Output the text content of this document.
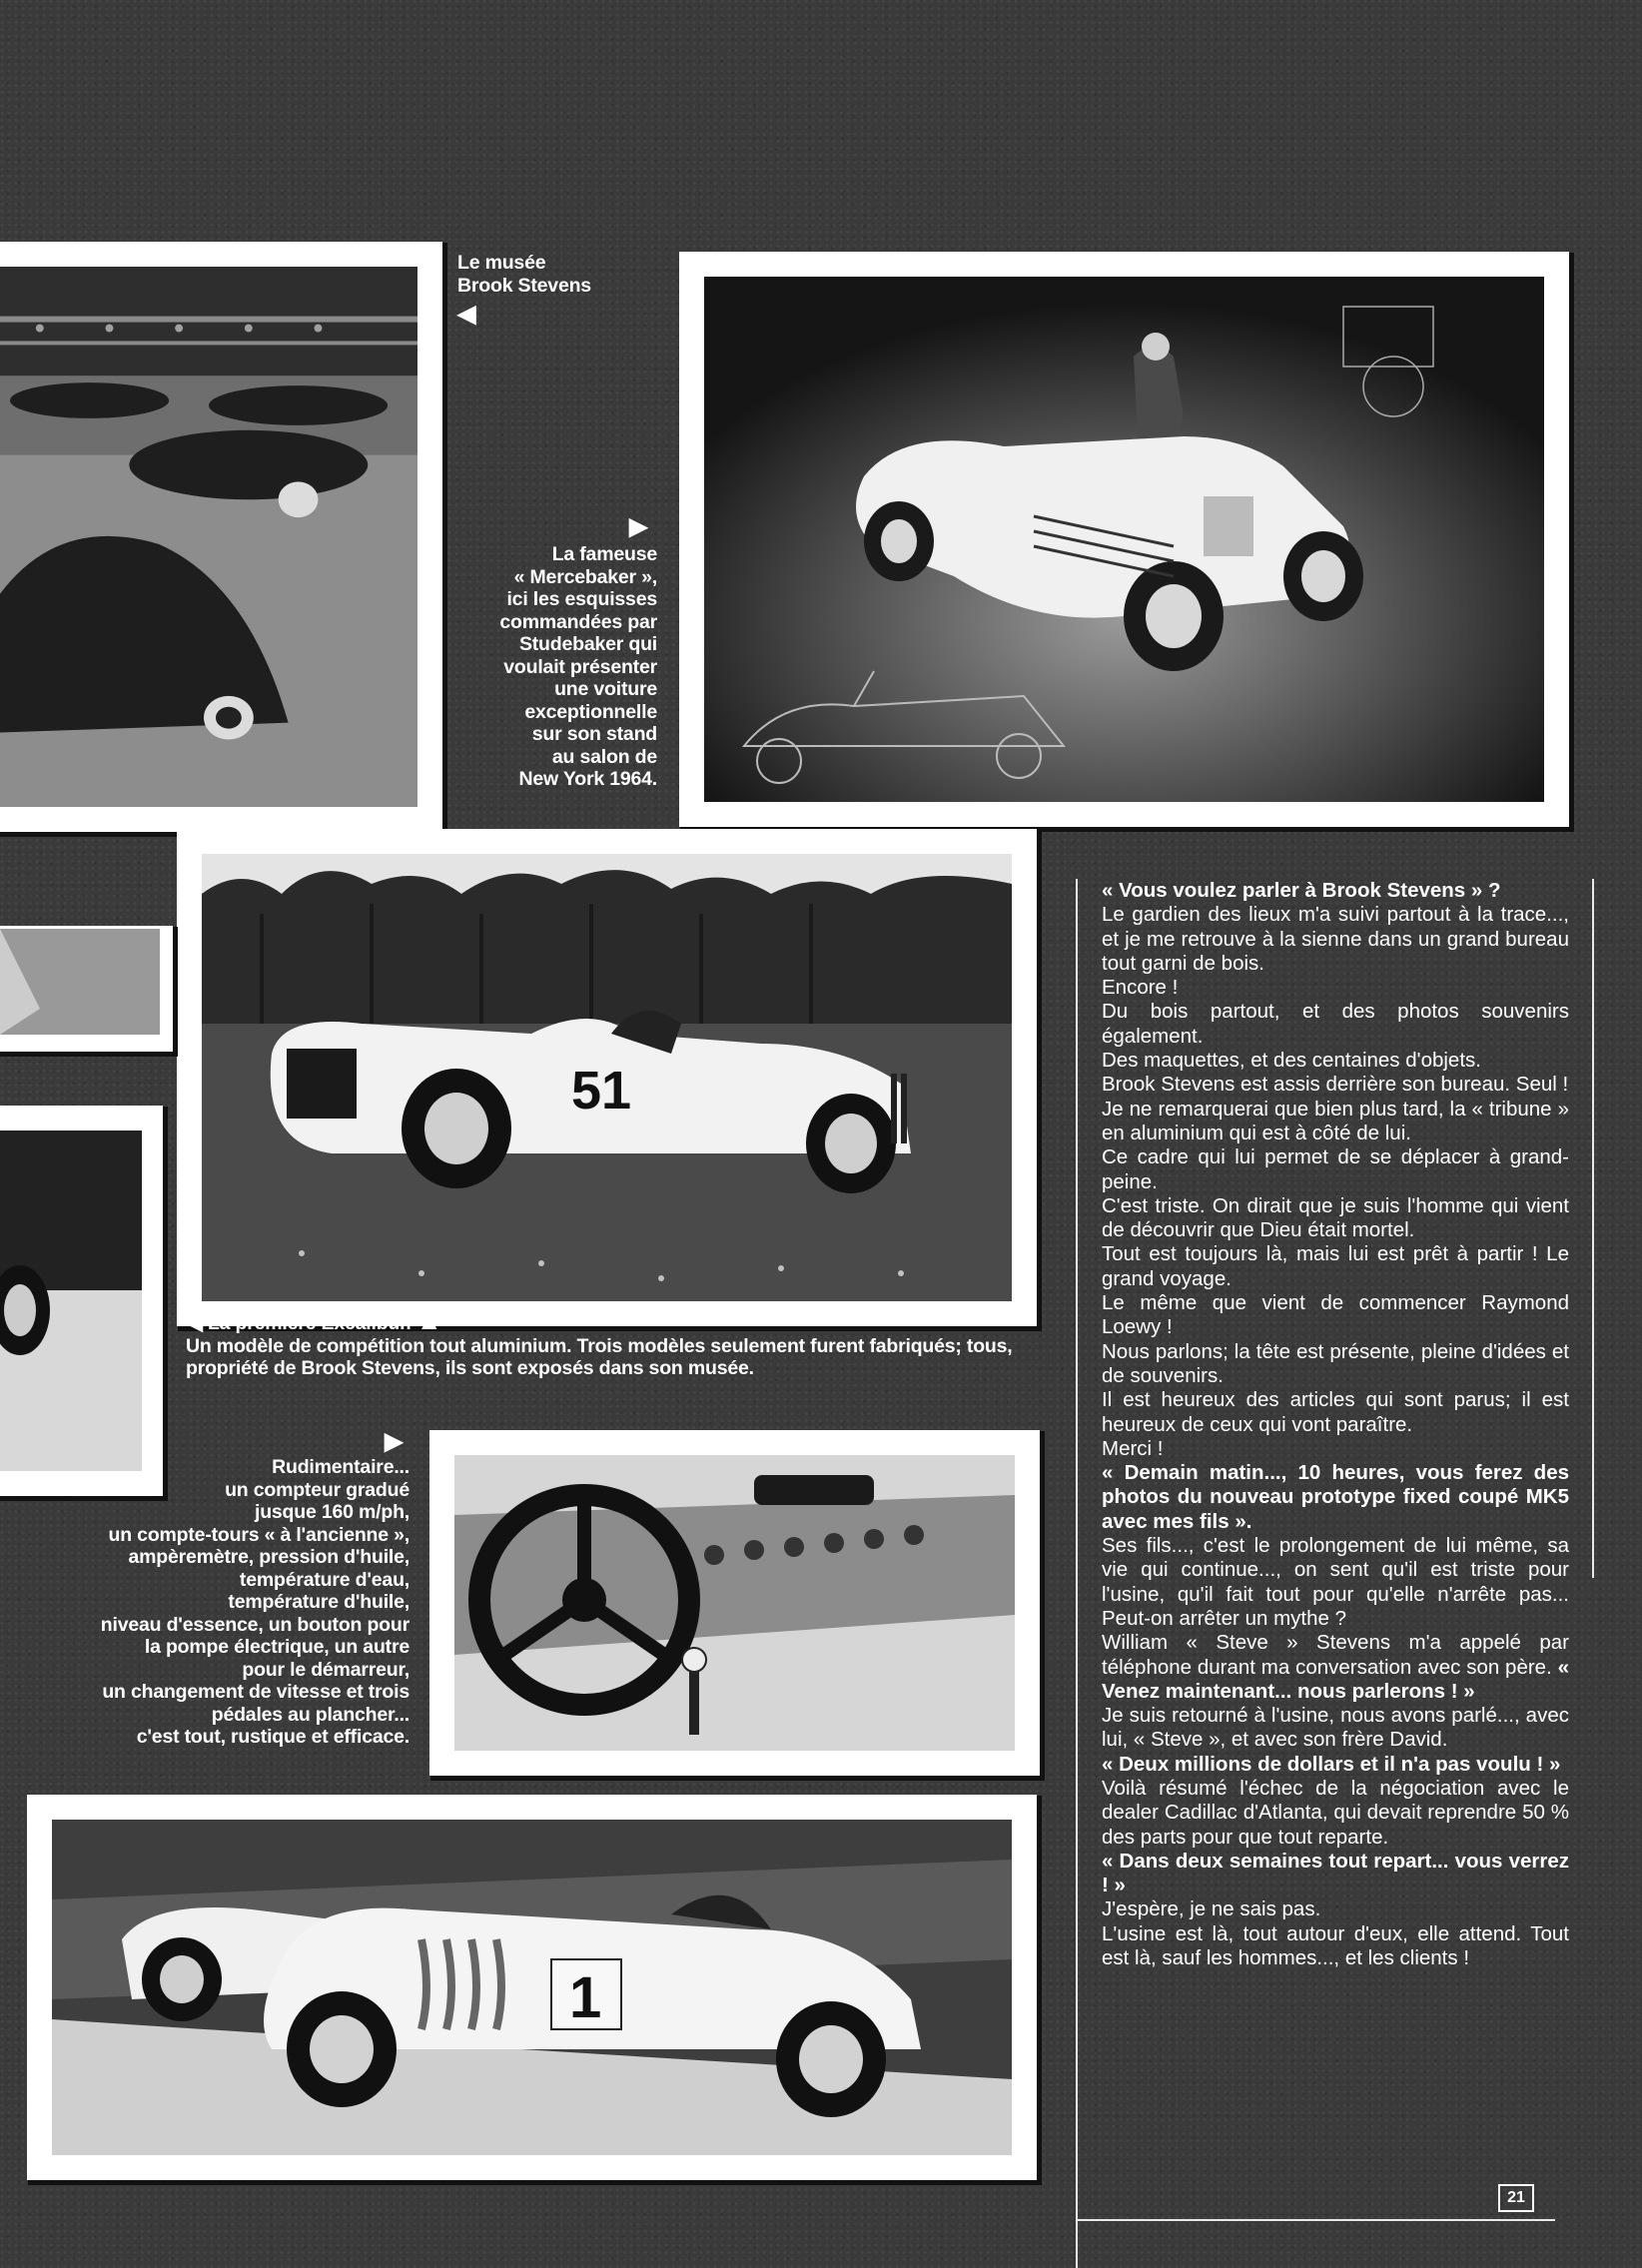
51
1
Le musée
Brook Stevens
◀
▶
La fameuse
« Mercebaker »,
ici les esquisses
commandées par
Studebaker qui
voulait présenter
une voiture
exceptionnelle
sur son stand
au salon de
New York 1964.
◀ La première Excalibur. ▲
Un modèle de compétition tout aluminium. Trois modèles seulement furent fabriqués; tous, propriété de Brook Stevens, ils sont exposés dans son musée.
▶
Rudimentaire...
un compteur gradué
jusque 160 m/ph,
un compte-tours « à l'ancienne »,
ampèremètre, pression d'huile,
température d'eau,
température d'huile,
niveau d'essence, un bouton pour
la pompe électrique, un autre
pour le démarreur,
un changement de vitesse et trois
pédales au plancher...
c'est tout, rustique et efficace.

« Vous voulez parler à Brook Stevens » ?

Le gardien des lieux m'a suivi partout à la trace..., et je me retrouve à la sienne dans un grand bureau tout garni de bois.

Encore !

Du bois partout, et des photos souvenirs également.

Des maquettes, et des centaines d'objets.

Brook Stevens est assis derrière son bureau. Seul !

Je ne remarquerai que bien plus tard, la « tribune » en aluminium qui est à côté de lui.

Ce cadre qui lui permet de se déplacer à grand-peine.

C'est triste. On dirait que je suis l'homme qui vient de découvrir que Dieu était mortel.

Tout est toujours là, mais lui est prêt à partir ! Le grand voyage.

Le même que vient de commencer Raymond Loewy !

Nous parlons; la tête est présente, pleine d'idées et de souvenirs.

Il est heureux des articles qui sont parus; il est heureux de ceux qui vont paraître.

Merci !

« Demain matin..., 10 heures, vous ferez des photos du nouveau prototype fixed coupé MK5 avec mes fils ».

Ses fils..., c'est le prolongement de lui même, sa vie qui continue..., on sent qu'il est triste pour l'usine, qu'il fait tout pour qu'elle n'arrête pas... Peut-on arrêter un mythe ?

William « Steve » Stevens m'a appelé par téléphone durant ma conversation avec son père. « Venez maintenant... nous parlerons ! »

Je suis retourné à l'usine, nous avons parlé..., avec lui, « Steve », et avec son frère David.

« Deux millions de dollars et il n'a pas voulu ! »

Voilà résumé l'échec de la négociation avec le dealer Cadillac d'Atlanta, qui devait reprendre 50 % des parts pour que tout reparte.

« Dans deux semaines tout repart... vous verrez ! »

J'espère, je ne sais pas.

L'usine est là, tout autour d'eux, elle attend. Tout est là, sauf les hommes..., et les clients !

21
